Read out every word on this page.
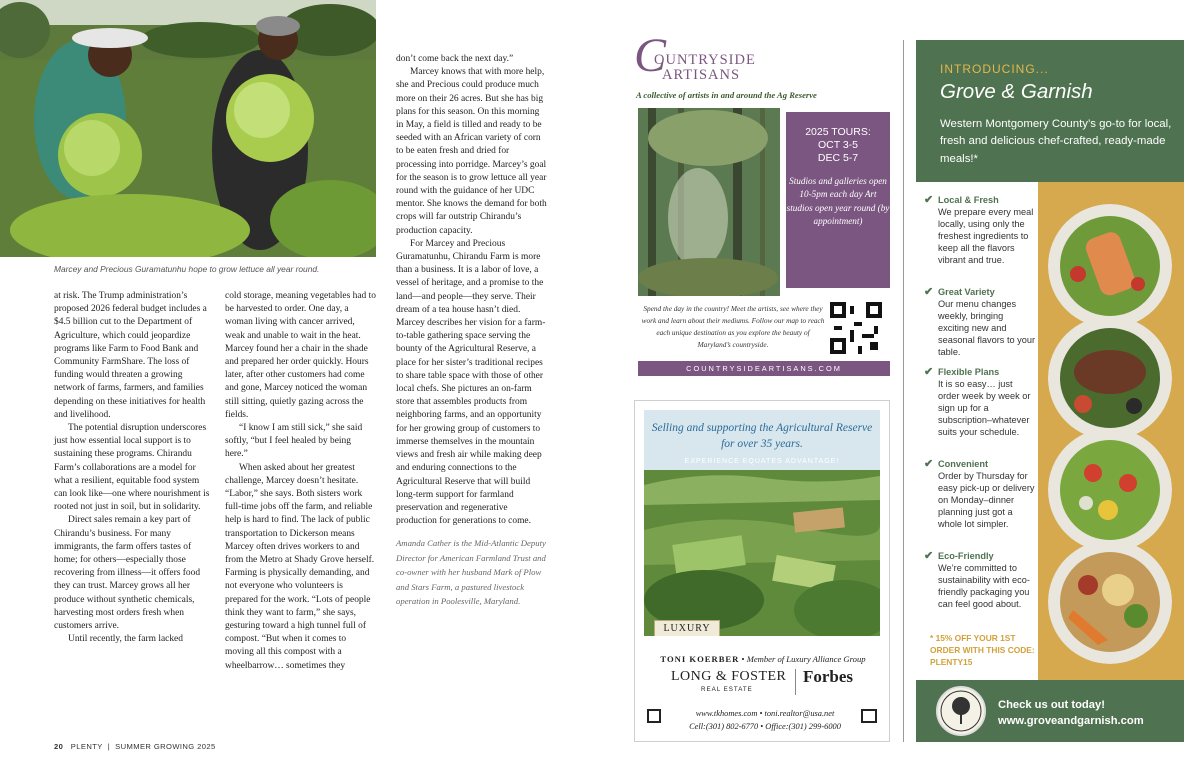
Marcey and Precious Guramatunhu hope to grow lettuce all year round.

at risk. The Trump administration’s proposed 2026 federal budget includes a $4.5 billion cut to the Department of Agriculture, which could jeopardize programs like Farm to Food Bank and Community FarmShare. The loss of funding would threaten a growing network of farms, farmers, and families depending on these initiatives for health and livelihood.

The potential disruption underscores just how essential local support is to sustaining these programs. Chirandu Farm’s collaborations are a model for what a resilient, equitable food system can look like—one where nourishment is rooted not just in soil, but in solidarity.

Direct sales remain a key part of Chirandu’s business. For many immigrants, the farm offers tastes of home; for others—especially those recovering from illness—it offers food they can trust. Marcey grows all her produce without synthetic chemicals, harvesting most orders fresh when customers arrive.

Until recently, the farm lacked

cold storage, meaning vegetables had to be harvested to order. One day, a woman living with cancer arrived, weak and unable to wait in the heat. Marcey found her a chair in the shade and prepared her order quickly. Hours later, after other customers had come and gone, Marcey noticed the woman still sitting, quietly gazing across the fields.

“I know I am still sick,” she said softly, “but I feel healed by being here.”

When asked about her greatest challenge, Marcey doesn’t hesitate. “Labor,” she says. Both sisters work full-time jobs off the farm, and reliable help is hard to find. The lack of public transportation to Dickerson means Marcey often drives workers to and from the Metro at Shady Grove herself. Farming is physically demanding, and not everyone who volunteers is prepared for the work. “Lots of people think they want to farm,” she says, gesturing toward a high tunnel full of compost. “But when it comes to moving all this compost with a wheelbarrow… sometimes they

don’t come back the next day.”

Marcey knows that with more help, she and Precious could produce much more on their 26 acres. But she has big plans for this season. On this morning in May, a field is tilled and ready to be seeded with an African variety of corn to be eaten fresh and dried for processing into porridge. Marcey’s goal for the season is to grow lettuce all year round with the guidance of her UDC mentor. She knows the demand for both crops will far outstrip Chirandu’s production capacity.

For Marcey and Precious Guramatunhu, Chirandu Farm is more than a business. It is a labor of love, a vessel of heritage, and a promise to the land—and people—they serve. Their dream of a tea house hasn’t died. Marcey describes her vision for a farm-to-table gathering space serving the bounty of the Agricultural Reserve, a place for her sister’s traditional recipes to share table space with those of other local chefs. She pictures an on-farm store that assembles products from neighboring farms, and an opportunity for her growing group of customers to immerse themselves in the mountain views and fresh air while making deep and enduring connections to the Agricultural Reserve that will build long-term support for farmland preservation and regenerative production for generations to come.

Amanda Cather is the Mid-Atlantic Deputy Director for American Farmland Trust and co-owner with her husband Mark of Plow and Stars Farm, a pastured livestock operation in Poolesville, Maryland.

20 PLENTY | SUMMER GROWING 2025
C
OUNTRYSIDE
ARTISANS
A collective of artists in and around the Ag Reserve
2025 TOURS:
OCT 3-5
DEC 5-7
Studios and galleries open 10-5pm each day Art studios open year round (by appointment)
Spend the day in the country! Meet the artists, see where they work and learn about their mediums. Follow our map to reach each unique destination as you explore the beauty of Maryland’s countryside.
COUNTRYSIDEARTISANS.COM
Selling and supporting the Agricultural Reserve for over 35 years.
EXPERIENCE EQUATES ADVANTAGE!
LUXURY
TONI KOERBER • Member of Luxury Alliance Group
LONG & FOSTER
REAL ESTATE
Forbes
www.tkhomes.com • toni.realtor@usa.net
Cell:(301) 802-6770 • Office:(301) 299-6000
INTRODUCING...
Grove & Garnish
Western Montgomery County’s go-to for local, fresh and delicious chef-crafted, ready-made meals!*
✔ Local & Fresh
We prepare every meal locally, using only the freshest ingredients to keep all the flavors vibrant and true.
✔ Great Variety
Our menu changes weekly, bringing exciting new and seasonal flavors to your table.
✔ Flexible Plans
It is so easy… just order week by week or sign up for a subscription–whatever suits your schedule.
✔ Convenient
Order by Thursday for easy pick-up or delivery on Monday–dinner planning just got a whole lot simpler.
✔ Eco-Friendly
We’re committed to sustainability with eco-friendly packaging you can feel good about.
* 15% OFF YOUR 1ST ORDER WITH THIS CODE: PLENTY15
Check us out today!
www.groveandgarnish.com
